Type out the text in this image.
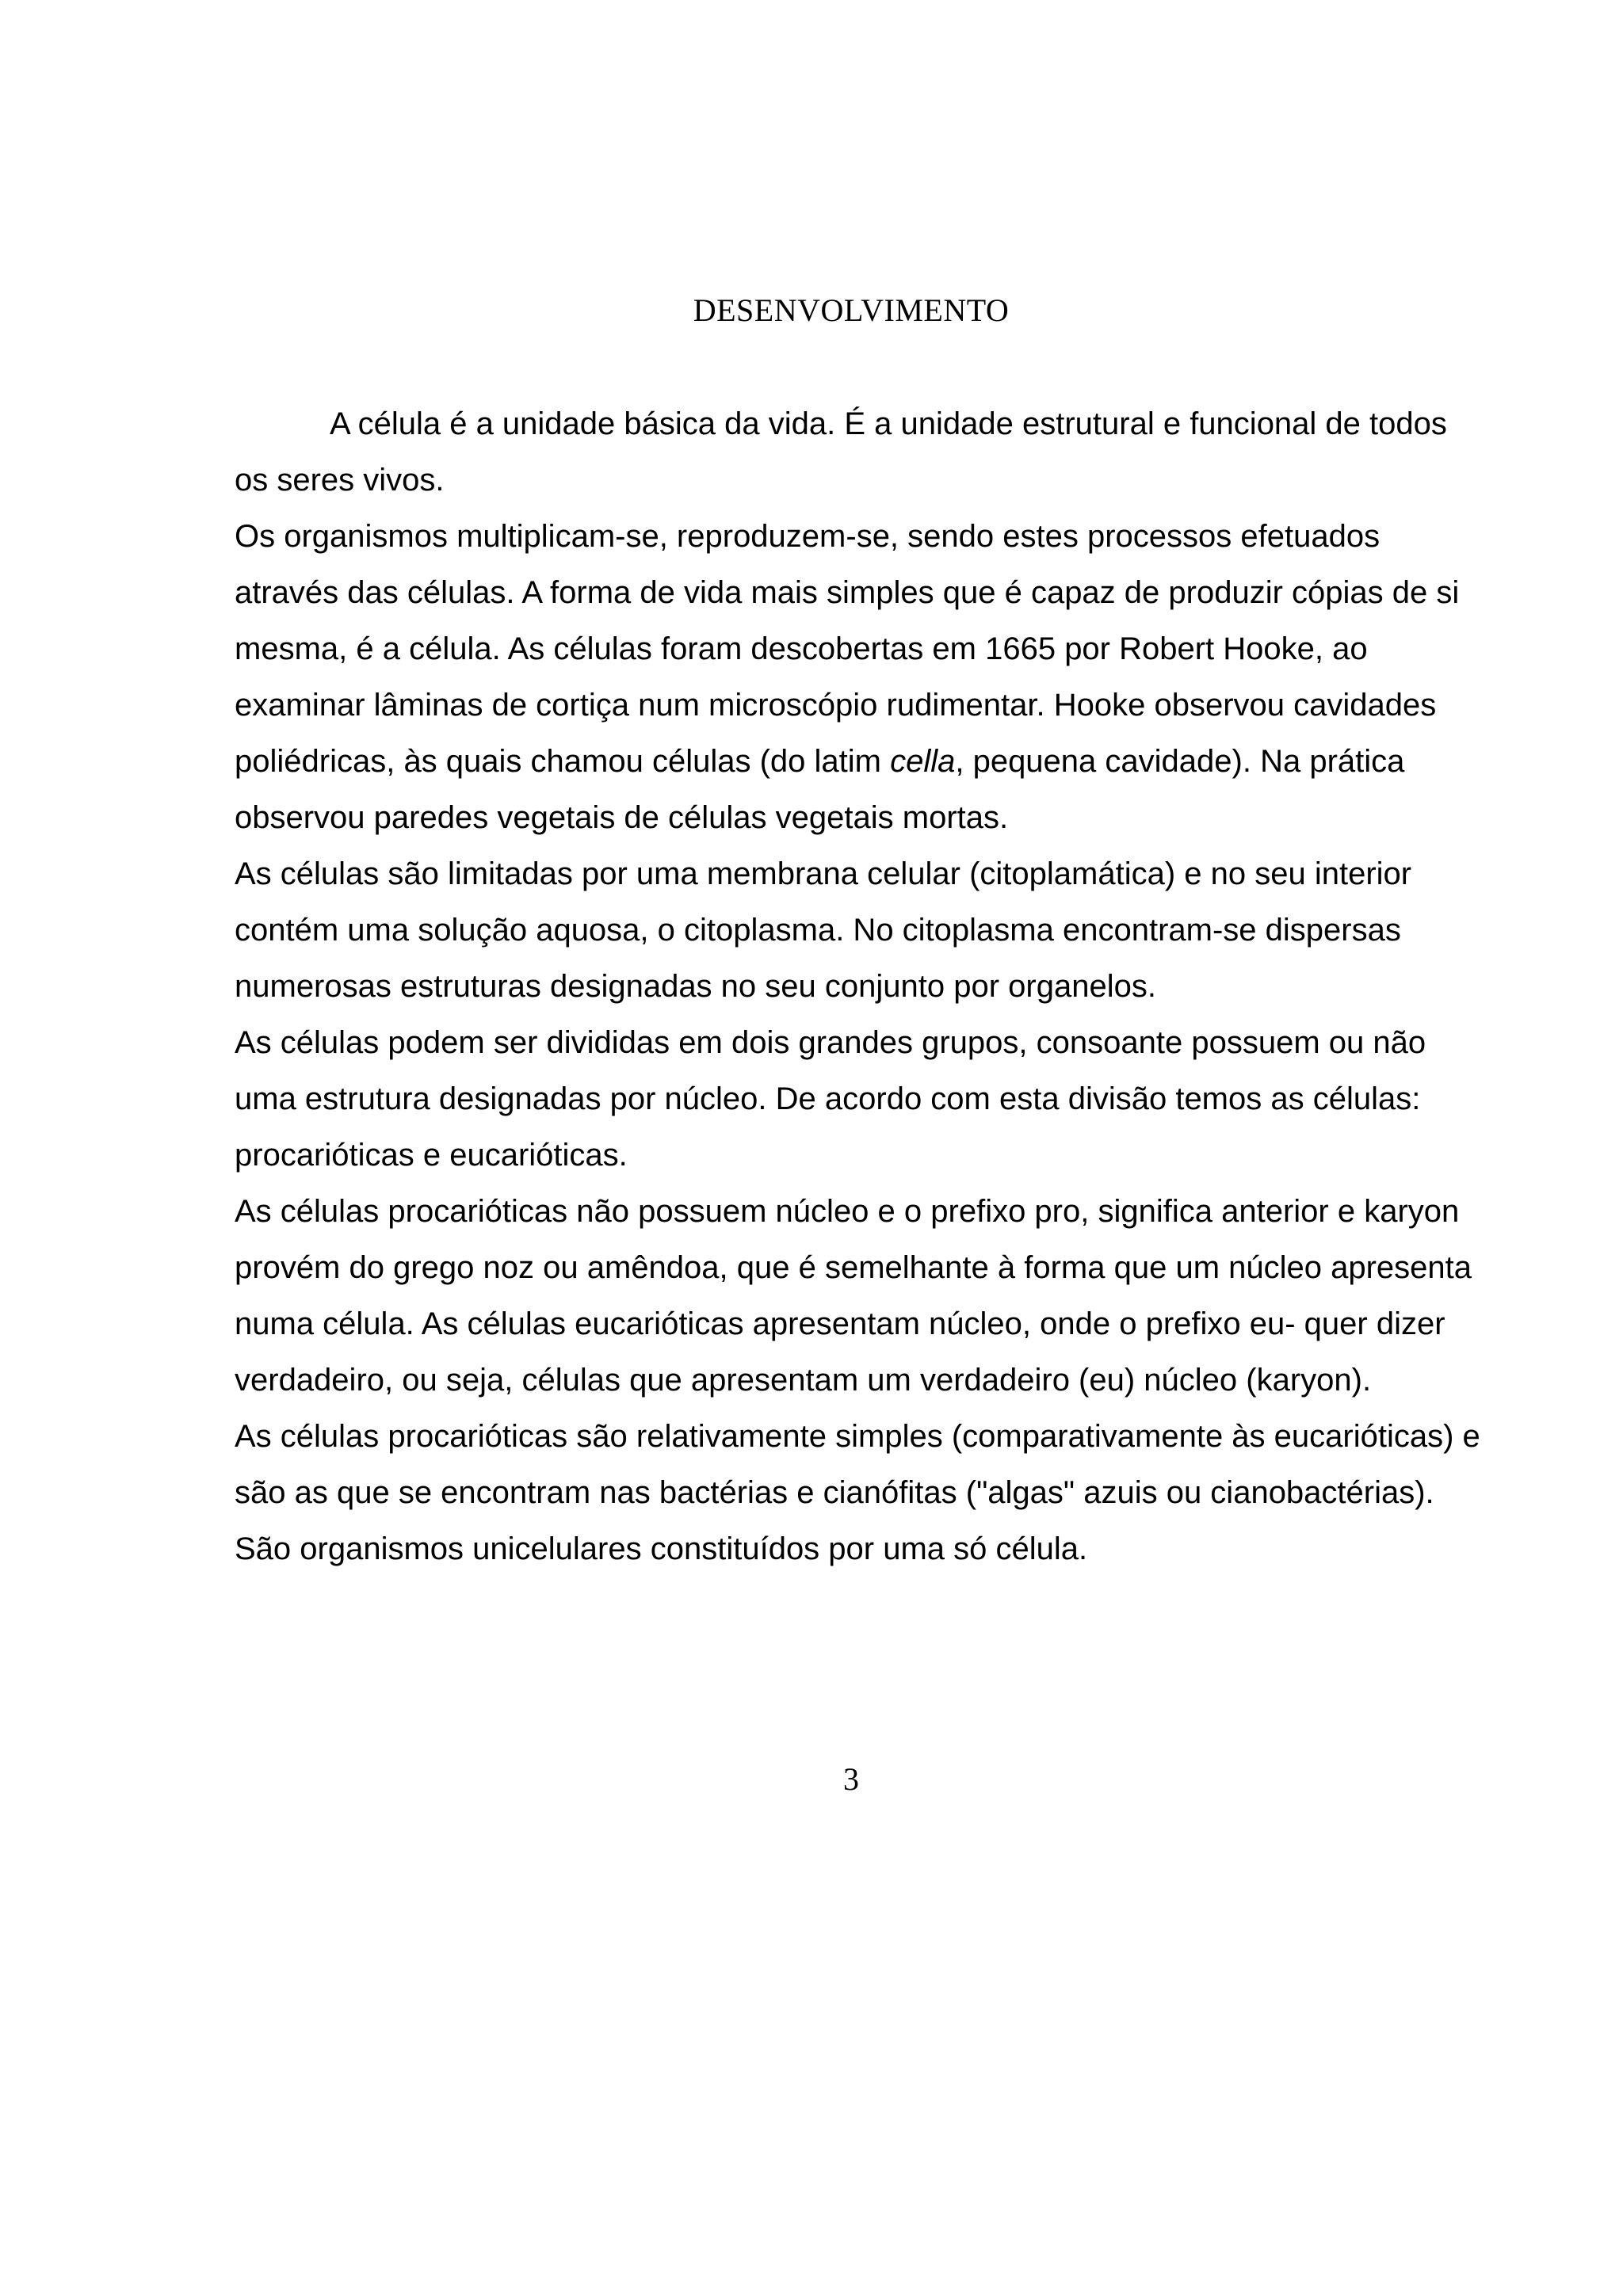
DESENVOLVIMENTO

A célula é a unidade básica da vida. É a unidade estrutural e funcional de todos os seres vivos.

Os organismos multiplicam-se, reproduzem-se, sendo estes processos efetuados através das células. A forma de vida mais simples que é capaz de produzir cópias de si mesma, é a célula. As células foram descobertas em 1665 por Robert Hooke, ao examinar lâminas de cortiça num microscópio rudimentar. Hooke observou cavidades poliédricas, às quais chamou células (do latim cella, pequena cavidade). Na prática observou paredes vegetais de células vegetais mortas.

As células são limitadas por uma membrana celular (citoplamática) e no seu interior contém uma solução aquosa, o citoplasma. No citoplasma encontram-se dispersas numerosas estruturas designadas no seu conjunto por organelos.

As células podem ser divididas em dois grandes grupos, consoante possuem ou não uma estrutura designadas por núcleo. De acordo com esta divisão temos as células: procarióticas e eucarióticas.

As células procarióticas não possuem núcleo e o prefixo pro, significa anterior e karyon provém do grego noz ou amêndoa, que é semelhante à forma que um núcleo apresenta numa célula. As células eucarióticas apresentam núcleo, onde o prefixo eu- quer dizer verdadeiro, ou seja, células que apresentam um verdadeiro (eu) núcleo (karyon).

As células procarióticas são relativamente simples (comparativamente às eucarióticas) e são as que se encontram nas bactérias e cianófitas ("algas" azuis ou cianobactérias). São organismos unicelulares constituídos por uma só célula.

3
